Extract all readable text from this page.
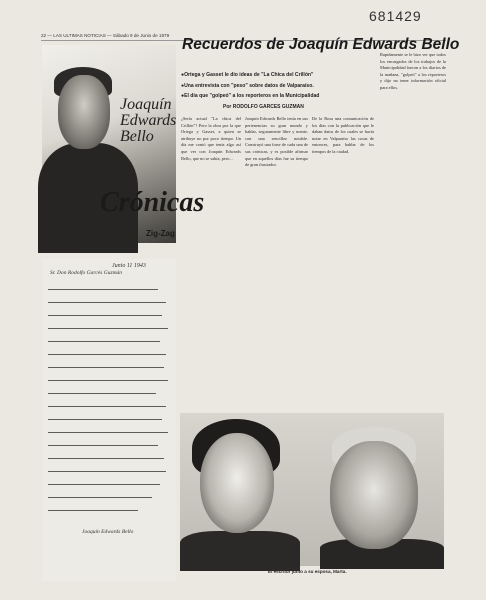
681429
22 — LAS ULTIMAS NOTICIAS — Sábado 9 de Junio de 1979
Recuerdos de Joaquín Edwards Bello
Joaquín Edwards Bello
Crónicas
Zig-Zag
La portada de Crónicas.
● Ortega y Gasset le dio ideas de "La Chica del Crillón"
● Una entrevista con "peso" sobre datos de Valparaíso.
● El día que "golpeó" a los reporteros en la Municipalidad
Por RODOLFO GARCES GUZMAN
¿Sería actual "La chica del Crillón"? Pero la obra por la que Ortega y Gasset, a quien se atribuye no por poco tiempo. Un día me contó que tenía algo así que ver con Joaquín Edwards Bello, que no se sabía, pero...
Joaquín Edwards Bello tenía en sus pertenencias su gran mundo y hablar, seguramente libre y mente, con una sencillez notable. Construyó una frase de cada una de sus crónicas, y es posible afirmar que en aquellos días fue su tiempo de gran ilustrador.
De la Rosa una comunicación de los días con la publicación que le daban datos de los cuales se hacía notar en Valparaíso las cosas de entonces, para hablar de los tiempos de la ciudad.
Rapidamente se le hizo ver que todos los encargados de los trabajos de la Municipalidad fueron a los diarios de la mañana, "golpeó" a los reporteros y dijo no tener información oficial para ellos.
Junio 11 1943
Sr. Don Rodolfo Garcés Guzmán
Joaquín Edwards Bello
El escritor junto a su esposa, Marta.
